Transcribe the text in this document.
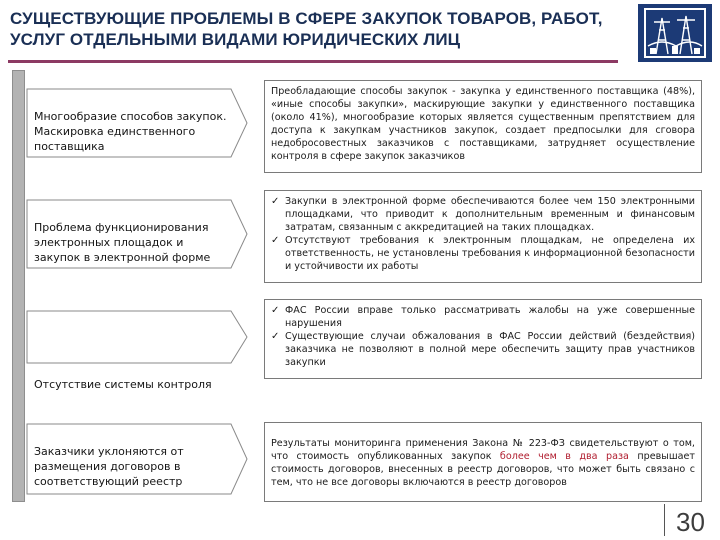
СУЩЕСТВУЮЩИЕ ПРОБЛЕМЫ В СФЕРЕ ЗАКУПОК ТОВАРОВ, РАБОТ,
УСЛУГ ОТДЕЛЬНЫМИ ВИДАМИ ЮРИДИЧЕСКИХ ЛИЦ
Многообразие способов закупок. Маскировка единственного поставщика
Проблема функционирования электронных площадок и закупок в электронной форме
Отсутствие системы контроля
Заказчики уклоняются от размещения договоров в соответствующий реестр

Преобладающие способы закупок - закупка у единственного поставщика (48%), «иные способы закупки», маскирующие закупки у единственного поставщика (около 41%), многообразие которых является существенным препятствием для доступа к закупкам участников закупок, создает предпосылки для сговора недобросовестных заказчиков с поставщиками, затрудняет осуществление контроля в сфере закупок заказчиков

✓ Закупки в электронной форме обеспечиваются более чем 150 электронными площадками, что приводит к дополнительным временным и финансовым затратам, связанным с аккредитацией на таких площадках.
✓ Отсутствуют требования к электронным площадкам, не определена их ответственность, не установлены требования к информационной безопасности и устойчивости их работы
✓ ФАС России вправе только рассматривать жалобы на уже совершенные нарушения
✓ Существующие случаи обжалования в ФАС России действий (бездействия) заказчика не позволяют в полной мере обеспечить защиту прав участников закупки

Результаты мониторинга применения Закона № 223-ФЗ свидетельствуют о том, что стоимость опубликованных закупок более чем в два раза превышает стоимость договоров, внесенных в реестр договоров, что может быть связано с тем, что не все договоры включаются в реестр договоров

30
